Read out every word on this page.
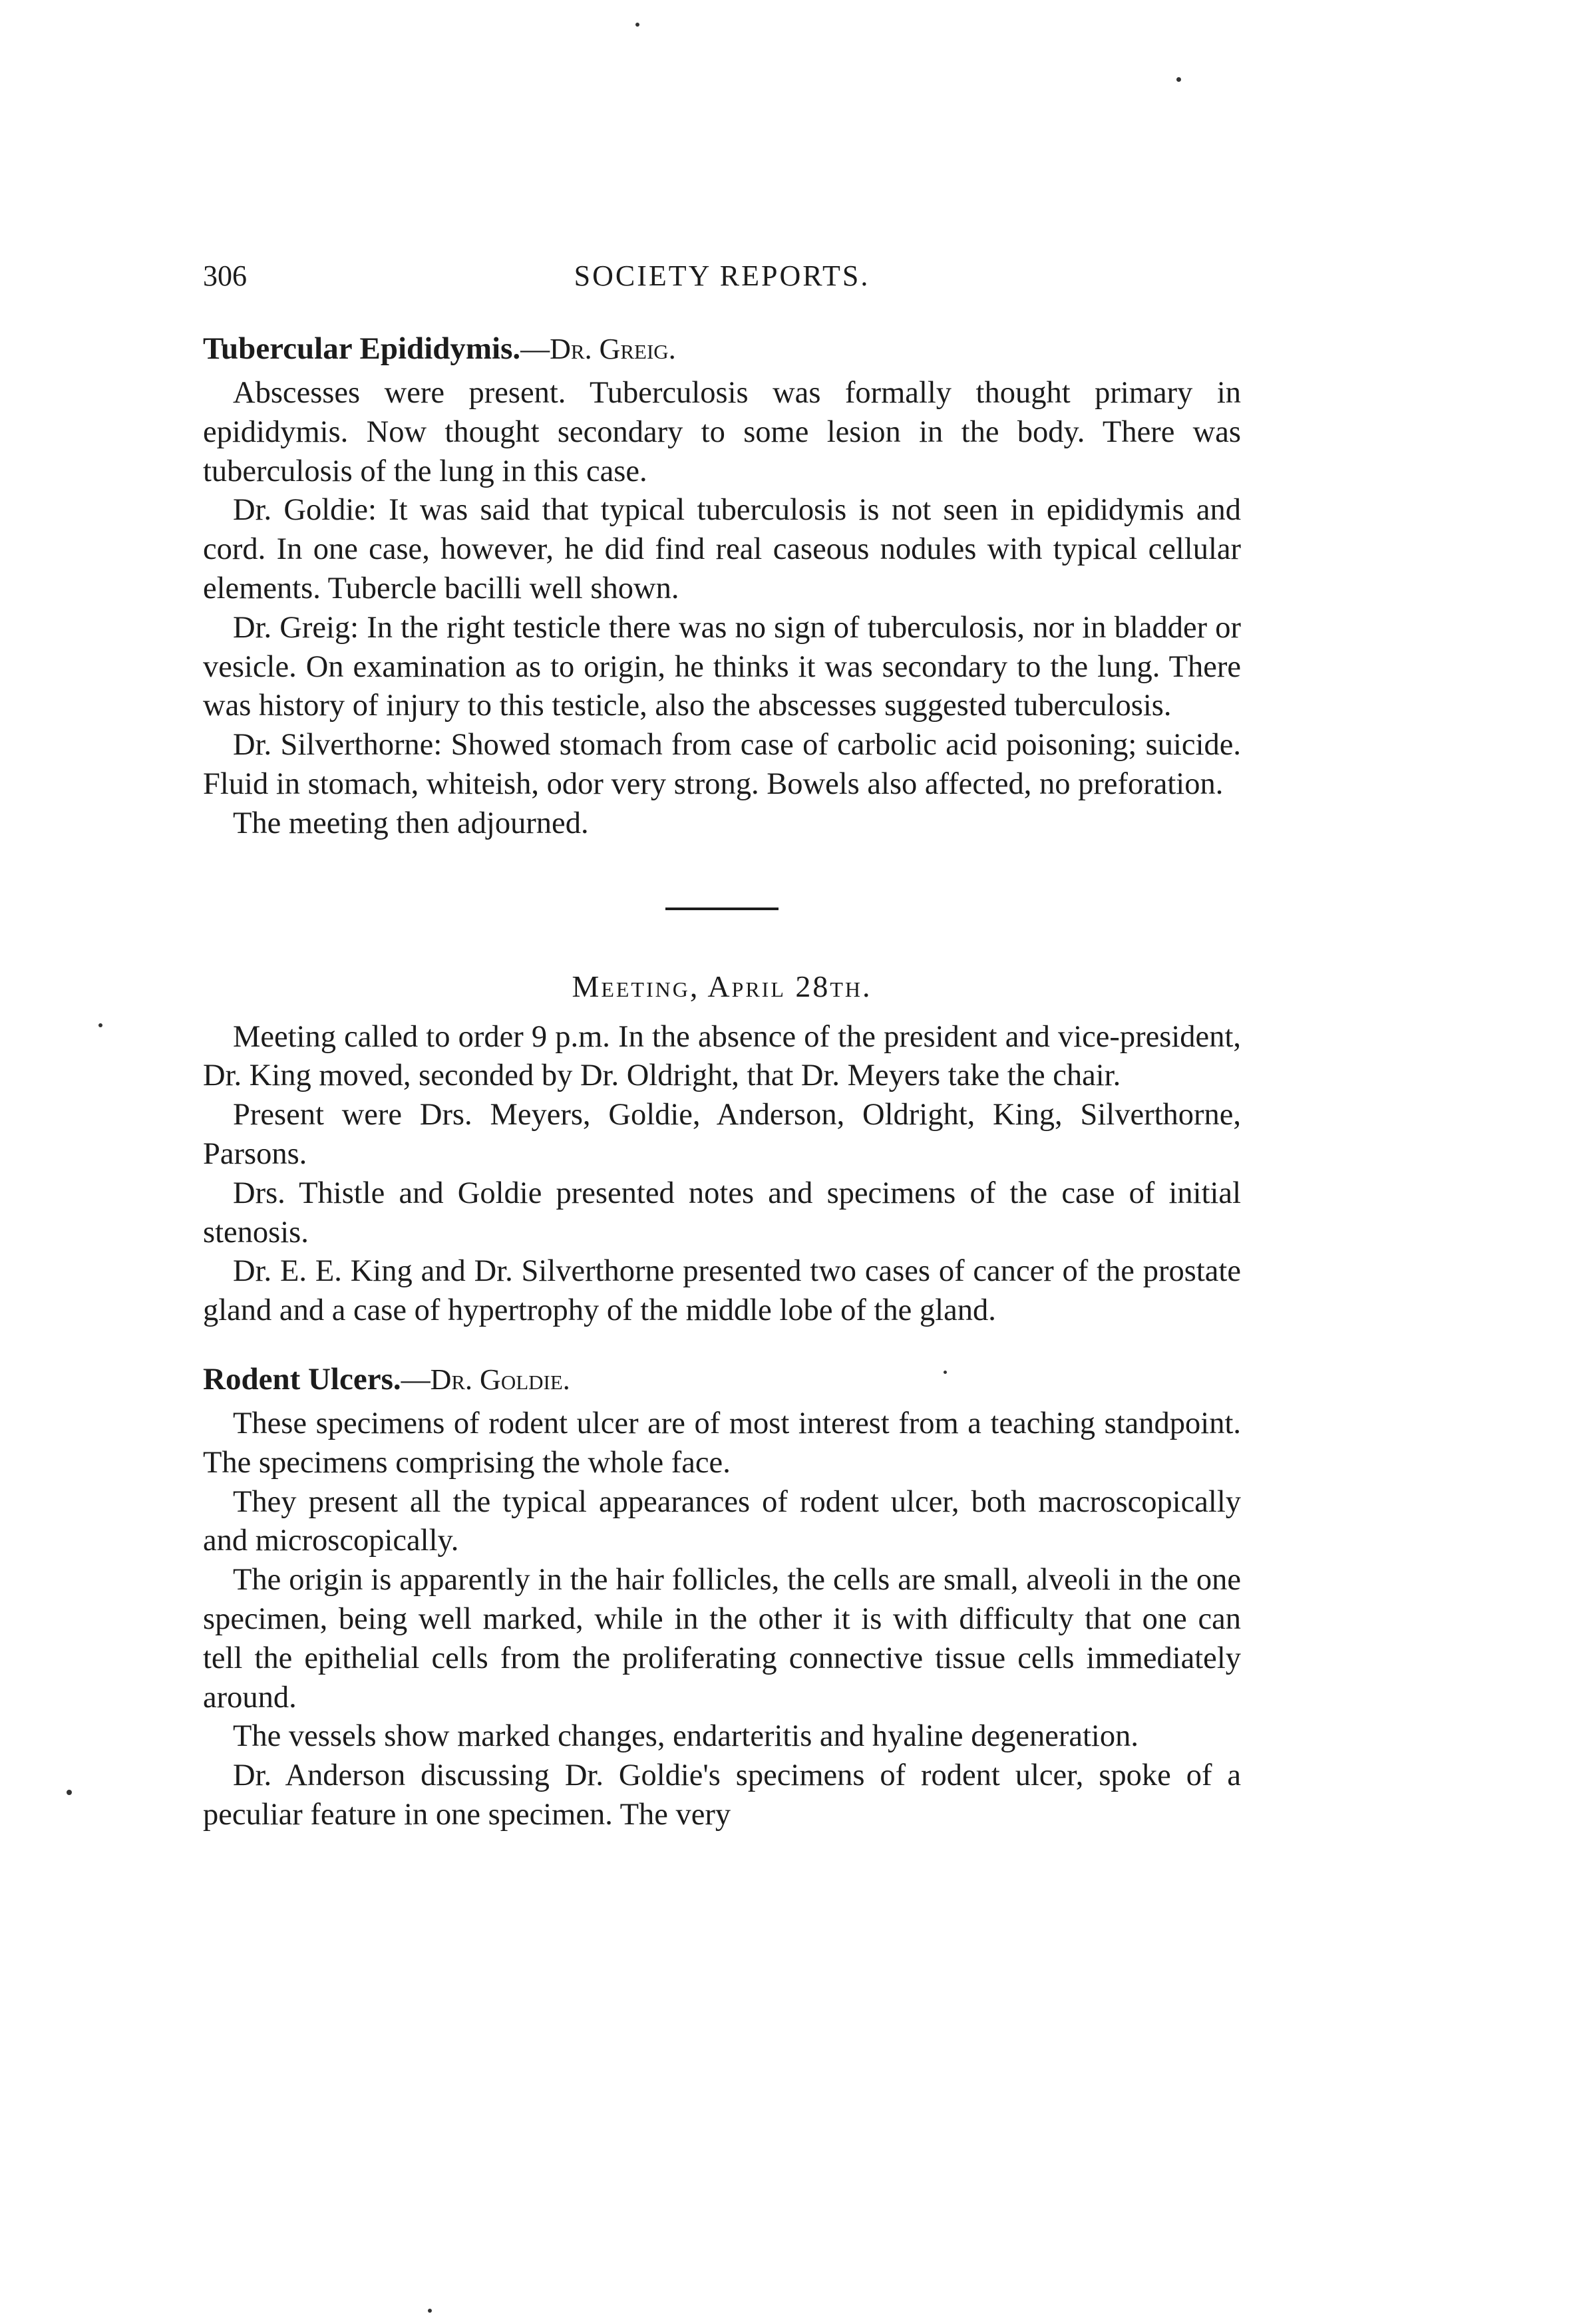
306	SOCIETY REPORTS.
Tubercular Epididymis.—Dr. Greig.

Abscesses were present. Tuberculosis was formally thought primary in epididymis. Now thought secondary to some lesion in the body. There was tuberculosis of the lung in this case.

Dr. Goldie: It was said that typical tuberculosis is not seen in epididymis and cord. In one case, however, he did find real caseous nodules with typical cellular elements. Tubercle bacilli well shown.

Dr. Greig: In the right testicle there was no sign of tuberculosis, nor in bladder or vesicle. On examination as to origin, he thinks it was secondary to the lung. There was history of injury to this testicle, also the abscesses suggested tuberculosis.

Dr. Silverthorne: Showed stomach from case of carbolic acid poisoning; suicide. Fluid in stomach, whiteish, odor very strong. Bowels also affected, no preforation.

The meeting then adjourned.

Meeting, April 28th.

Meeting called to order 9 p.m. In the absence of the president and vice-president, Dr. King moved, seconded by Dr. Oldright, that Dr. Meyers take the chair.

Present were Drs. Meyers, Goldie, Anderson, Oldright, King, Silverthorne, Parsons.

Drs. Thistle and Goldie presented notes and specimens of the case of initial stenosis.

Dr. E. E. King and Dr. Silverthorne presented two cases of cancer of the prostate gland and a case of hypertrophy of the middle lobe of the gland.

Rodent Ulcers.—Dr. Goldie.

These specimens of rodent ulcer are of most interest from a teaching standpoint. The specimens comprising the whole face.

They present all the typical appearances of rodent ulcer, both macroscopically and microscopically.

The origin is apparently in the hair follicles, the cells are small, alveoli in the one specimen, being well marked, while in the other it is with difficulty that one can tell the epithelial cells from the proliferating connective tissue cells immediately around.

The vessels show marked changes, endarteritis and hyaline degeneration.

Dr. Anderson discussing Dr. Goldie's specimens of rodent ulcer, spoke of a peculiar feature in one specimen. The very
